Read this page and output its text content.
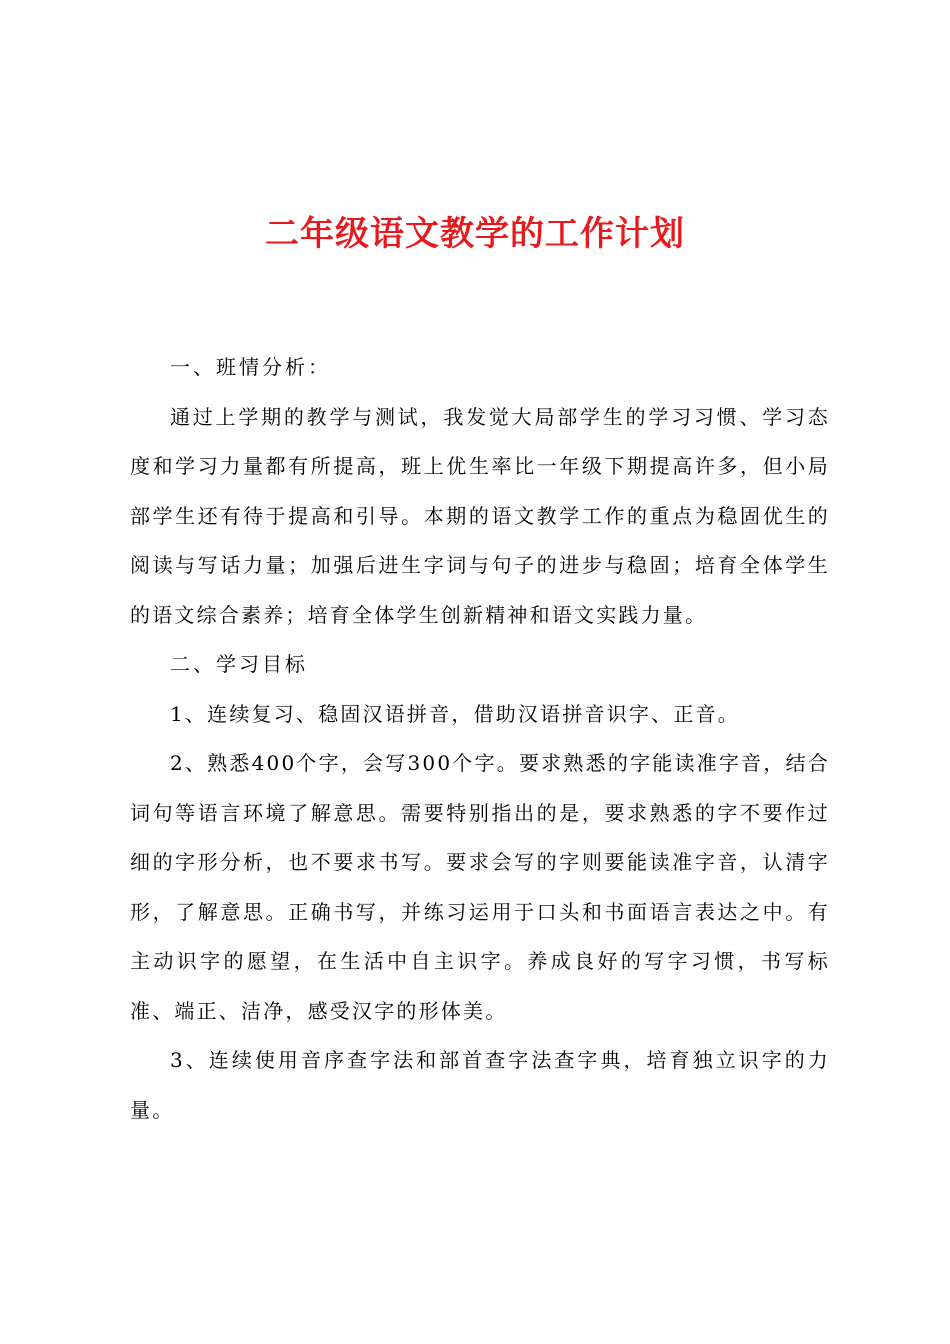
二年级语文教学的工作计划

一、班情分析：

通过上学期的教学与测试，我发觉大局部学生的学习习惯、学习态度和学习力量都有所提高，班上优生率比一年级下期提高许多，但小局部学生还有待于提高和引导。本期的语文教学工作的重点为稳固优生的阅读与写话力量；加强后进生字词与句子的进步与稳固；培育全体学生的语文综合素养；培育全体学生创新精神和语文实践力量。

二、学习目标

1、连续复习、稳固汉语拼音，借助汉语拼音识字、正音。

2、熟悉400个字，会写300个字。要求熟悉的字能读准字音，结合词句等语言环境了解意思。需要特别指出的是，要求熟悉的字不要作过细的字形分析，也不要求书写。要求会写的字则要能读准字音，认清字形，了解意思。正确书写，并练习运用于口头和书面语言表达之中。有主动识字的愿望，在生活中自主识字。养成良好的写字习惯，书写标准、端正、洁净，感受汉字的形体美。

3、连续使用音序查字法和部首查字法查字典，培育独立识字的力量。
